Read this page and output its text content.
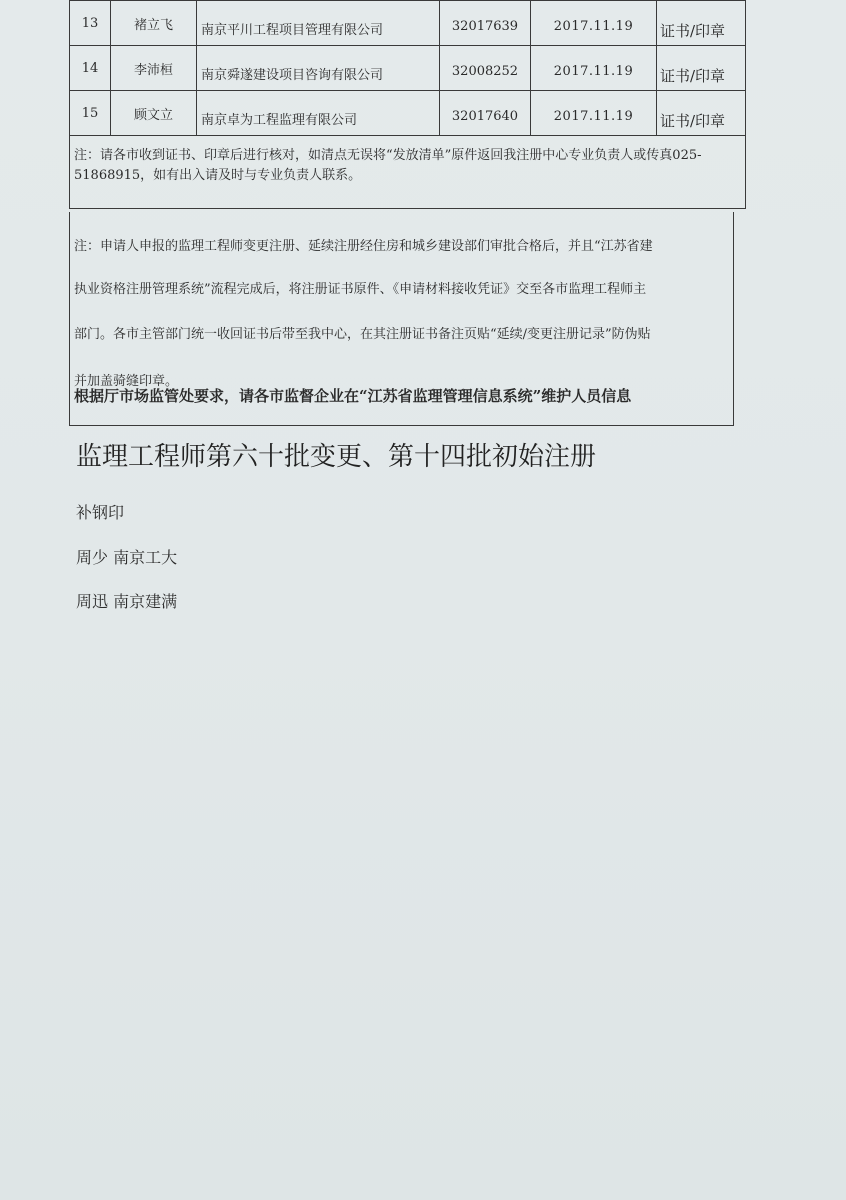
13	褚立飞	南京平川工程项目管理有限公司	32017639	2017.11.19	证书/印章
14	李沛桓	南京舜遂建设项目咨询有限公司	32008252	2017.11.19	证书/印章
15	顾文立	南京卓为工程监理有限公司	32017640	2017.11.19	证书/印章
注：请各市收到证书、印章后进行核对，如清点无误将“发放清单”原件返回我注册中心专业负责人或传真025-51868915，如有出入请及时与专业负责人联系。					
注：申请人申报的监理工程师变更注册、延续注册经住房和城乡建设部们审批合格后，并且“江苏省建
执业资格注册管理系统”流程完成后，将注册证书原件、《申请材料接收凭证》交至各市监理工程师主
部门。各市主管部门统一收回证书后带至我中心，在其注册证书备注页贴“延续/变更注册记录”防伪贴
并加盖骑缝印章。
根据厅市场监管处要求，请各市监督企业在“江苏省监理管理信息系统”维护人员信息
监理工程师第六十批变更、第十四批初始注册
补钢印
周少 南京工大
周迅 南京建满
